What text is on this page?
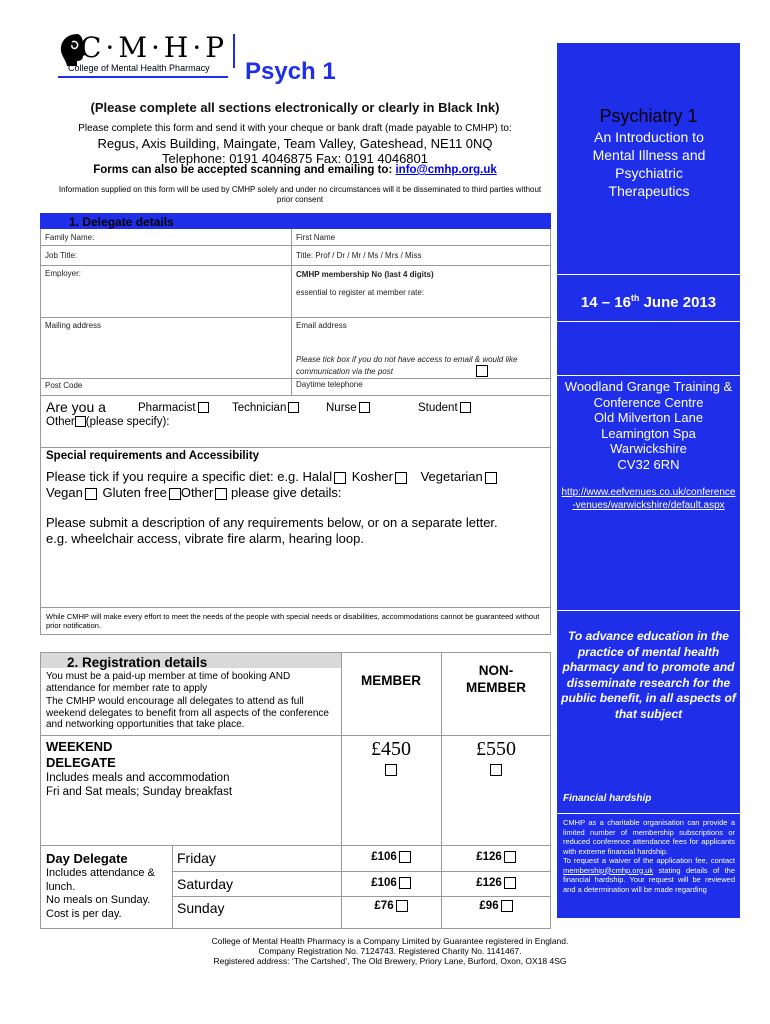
C·M·H·P
College of Mental Health Pharmacy	Psych 1
(Please complete all sections electronically or clearly in Black Ink)
Please complete this form and send it with your cheque or bank draft (made payable to CMHP) to:
Regus, Axis Building, Maingate, Team Valley, Gateshead, NE11 0NQ
Telephone: 0191 4046875 Fax: 0191 4046801
Forms can also be accepted scanning and emailing to: info@cmhp.org.uk
Information supplied on this form will be used by CMHP solely and under no circumstances will it be disseminated to third parties without prior consent
1. Delegate details
Family Name:	First Name
Job Title:	Title: Prof / Dr / Mr / Ms / Mrs / Miss
Employer:	CMHP membership No (last 4 digits)
essential to register at member rate:
Mailing address	Email address
Please tick box if you do not have access to email & would like communication via the post
Post Code	Daytime telephone
Are you a	Pharmacist	Technician	Nurse	Student
Other (please specify):
Special requirements and Accessibility
Please tick if you require a specific diet: e.g. Halal Kosher Vegetarian
Vegan Gluten free Other please give details:
Please submit a description of any requirements below, or on a separate letter.
e.g. wheelchair access, vibrate fire alarm, hearing loop.
While CMHP will make every effort to meet the needs of the people with special needs or disabilities, accommodations cannot be guaranteed without prior notification.
2. Registration details
You must be a paid-up member at time of booking AND attendance for member rate to apply
The CMHP would encourage all delegates to attend as full weekend delegates to benefit from all aspects of the conference and networking opportunities that take place.
MEMBER
NON-
MEMBER
WEEKEND
DELEGATE
Includes meals and accommodation
Fri and Sat meals; Sunday breakfast
£450	£550
Day Delegate
Includes attendance & lunch.
No meals on Sunday.
Cost is per day.
Friday	£106	£126
Saturday	£106	£126
Sunday	£76	£96
Psychiatry 1
An Introduction to Mental Illness and Psychiatric Therapeutics
14 – 16th June 2013
Woodland Grange Training & Conference Centre
Old Milverton Lane
Leamington Spa
Warwickshire
CV32 6RN
http://www.eefvenues.co.uk/conference-venues/warwickshire/default.aspx
To advance education in the practice of mental health pharmacy and to promote and disseminate research for the public benefit, in all aspects of that subject
Financial hardship
CMHP as a charitable organisation can provide a limited number of membership subscriptions or reduced conference attendance fees for applicants with extreme financial hardship.
To request a waiver of the application fee, contact membership@cmhp.org.uk stating details of the financial hardship. Your request will be reviewed and a determination will be made regarding
College of Mental Health Pharmacy is a Company Limited by Guarantee registered in England.
Company Registration No. 7124743. Registered Charity No. 1141467.
Registered address: ‘The Cartshed’, The Old Brewery, Priory Lane, Burford, Oxon, OX18 4SG
